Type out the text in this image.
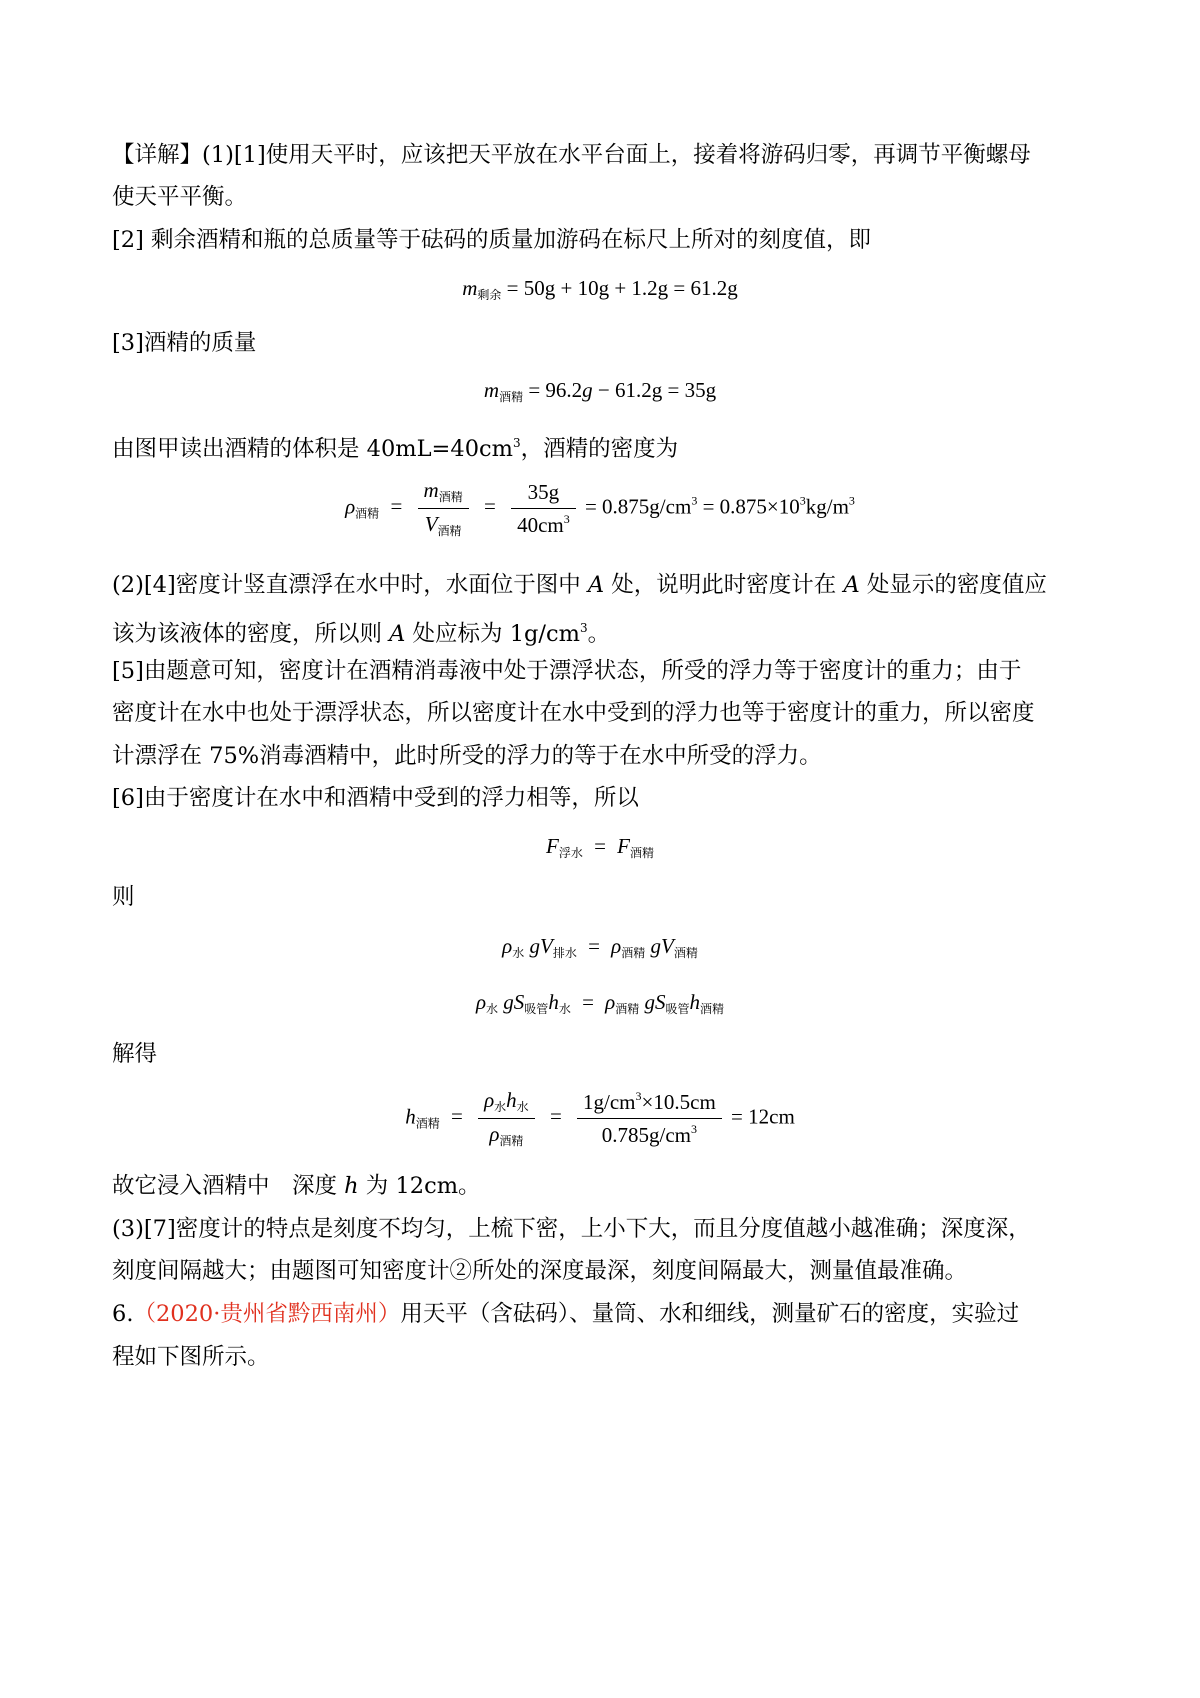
【详解】(1)[1]使用天平时，应该把天平放在水平台面上，接着将游码归零，再调节平衡螺母
使天平平衡。
[2] 剩余酒精和瓶的总质量等于砝码的质量加游码在标尺上所对的刻度值，即
$m_{剩余} = 50g + 10g + 1.2g = 61.2g$
[3]酒精的质量
$m_{酒精} = 96.2g - 61.2g = 35g$
由图甲读出酒精的体积是 $40mL=40cm^3$，酒精的密度为
$\rho_{酒精} = \frac{m_{酒精}}{V_{酒精}} = \frac{35g}{40cm^3} = 0.875g/cm^3 = 0.875\times 10^3kg/m^3$
(2)[4]密度计竖直漂浮在水中时，水面位于图中 A 处，说明此时密度计在 A 处显示的密度值应
该为该液体的密度，所以则 A 处应标为 $1g/cm^3$。
[5]由题意可知，密度计在酒精消毒液中处于漂浮状态，所受的浮力等于密度计的重力；由于
密度计在水中也处于漂浮状态，所以密度计在水中受到的浮力也等于密度计的重力，所以密度
计漂浮在 75%消毒酒精中，此时所受的浮力的等于在水中所受的浮力。
[6]由于密度计在水中和酒精中受到的浮力相等，所以
$F_{浮水} = F_{酒精}$
则
$\rho_水$ $gV_{排水} = \rho_{酒精}$ $gV_{酒精}$
$\rho_水$ $gS_{吸管}h_水 = \rho_{酒精}$ $gS_{吸管}h_{酒精}$
解得
$h_{酒精} = \frac{\rho_水h_水}{\rho_{酒精}} = \frac{1g/cm^3\times 10.5cm}{0.785g/cm^3} = 12cm$
故它浸入酒精中　深度 h 为 12cm。
(3)[7]密度计的特点是刻度不均匀，上梳下密，上小下大，而且分度值越小越准确；深度深，
刻度间隔越大；由题图可知密度计②所处的深度最深，刻度间隔最大，测量值最准确。
6.（2020·贵州省黔西南州）用天平（含砝码）、量筒、水和细线，测量矿石的密度，实验过
程如下图所示。
